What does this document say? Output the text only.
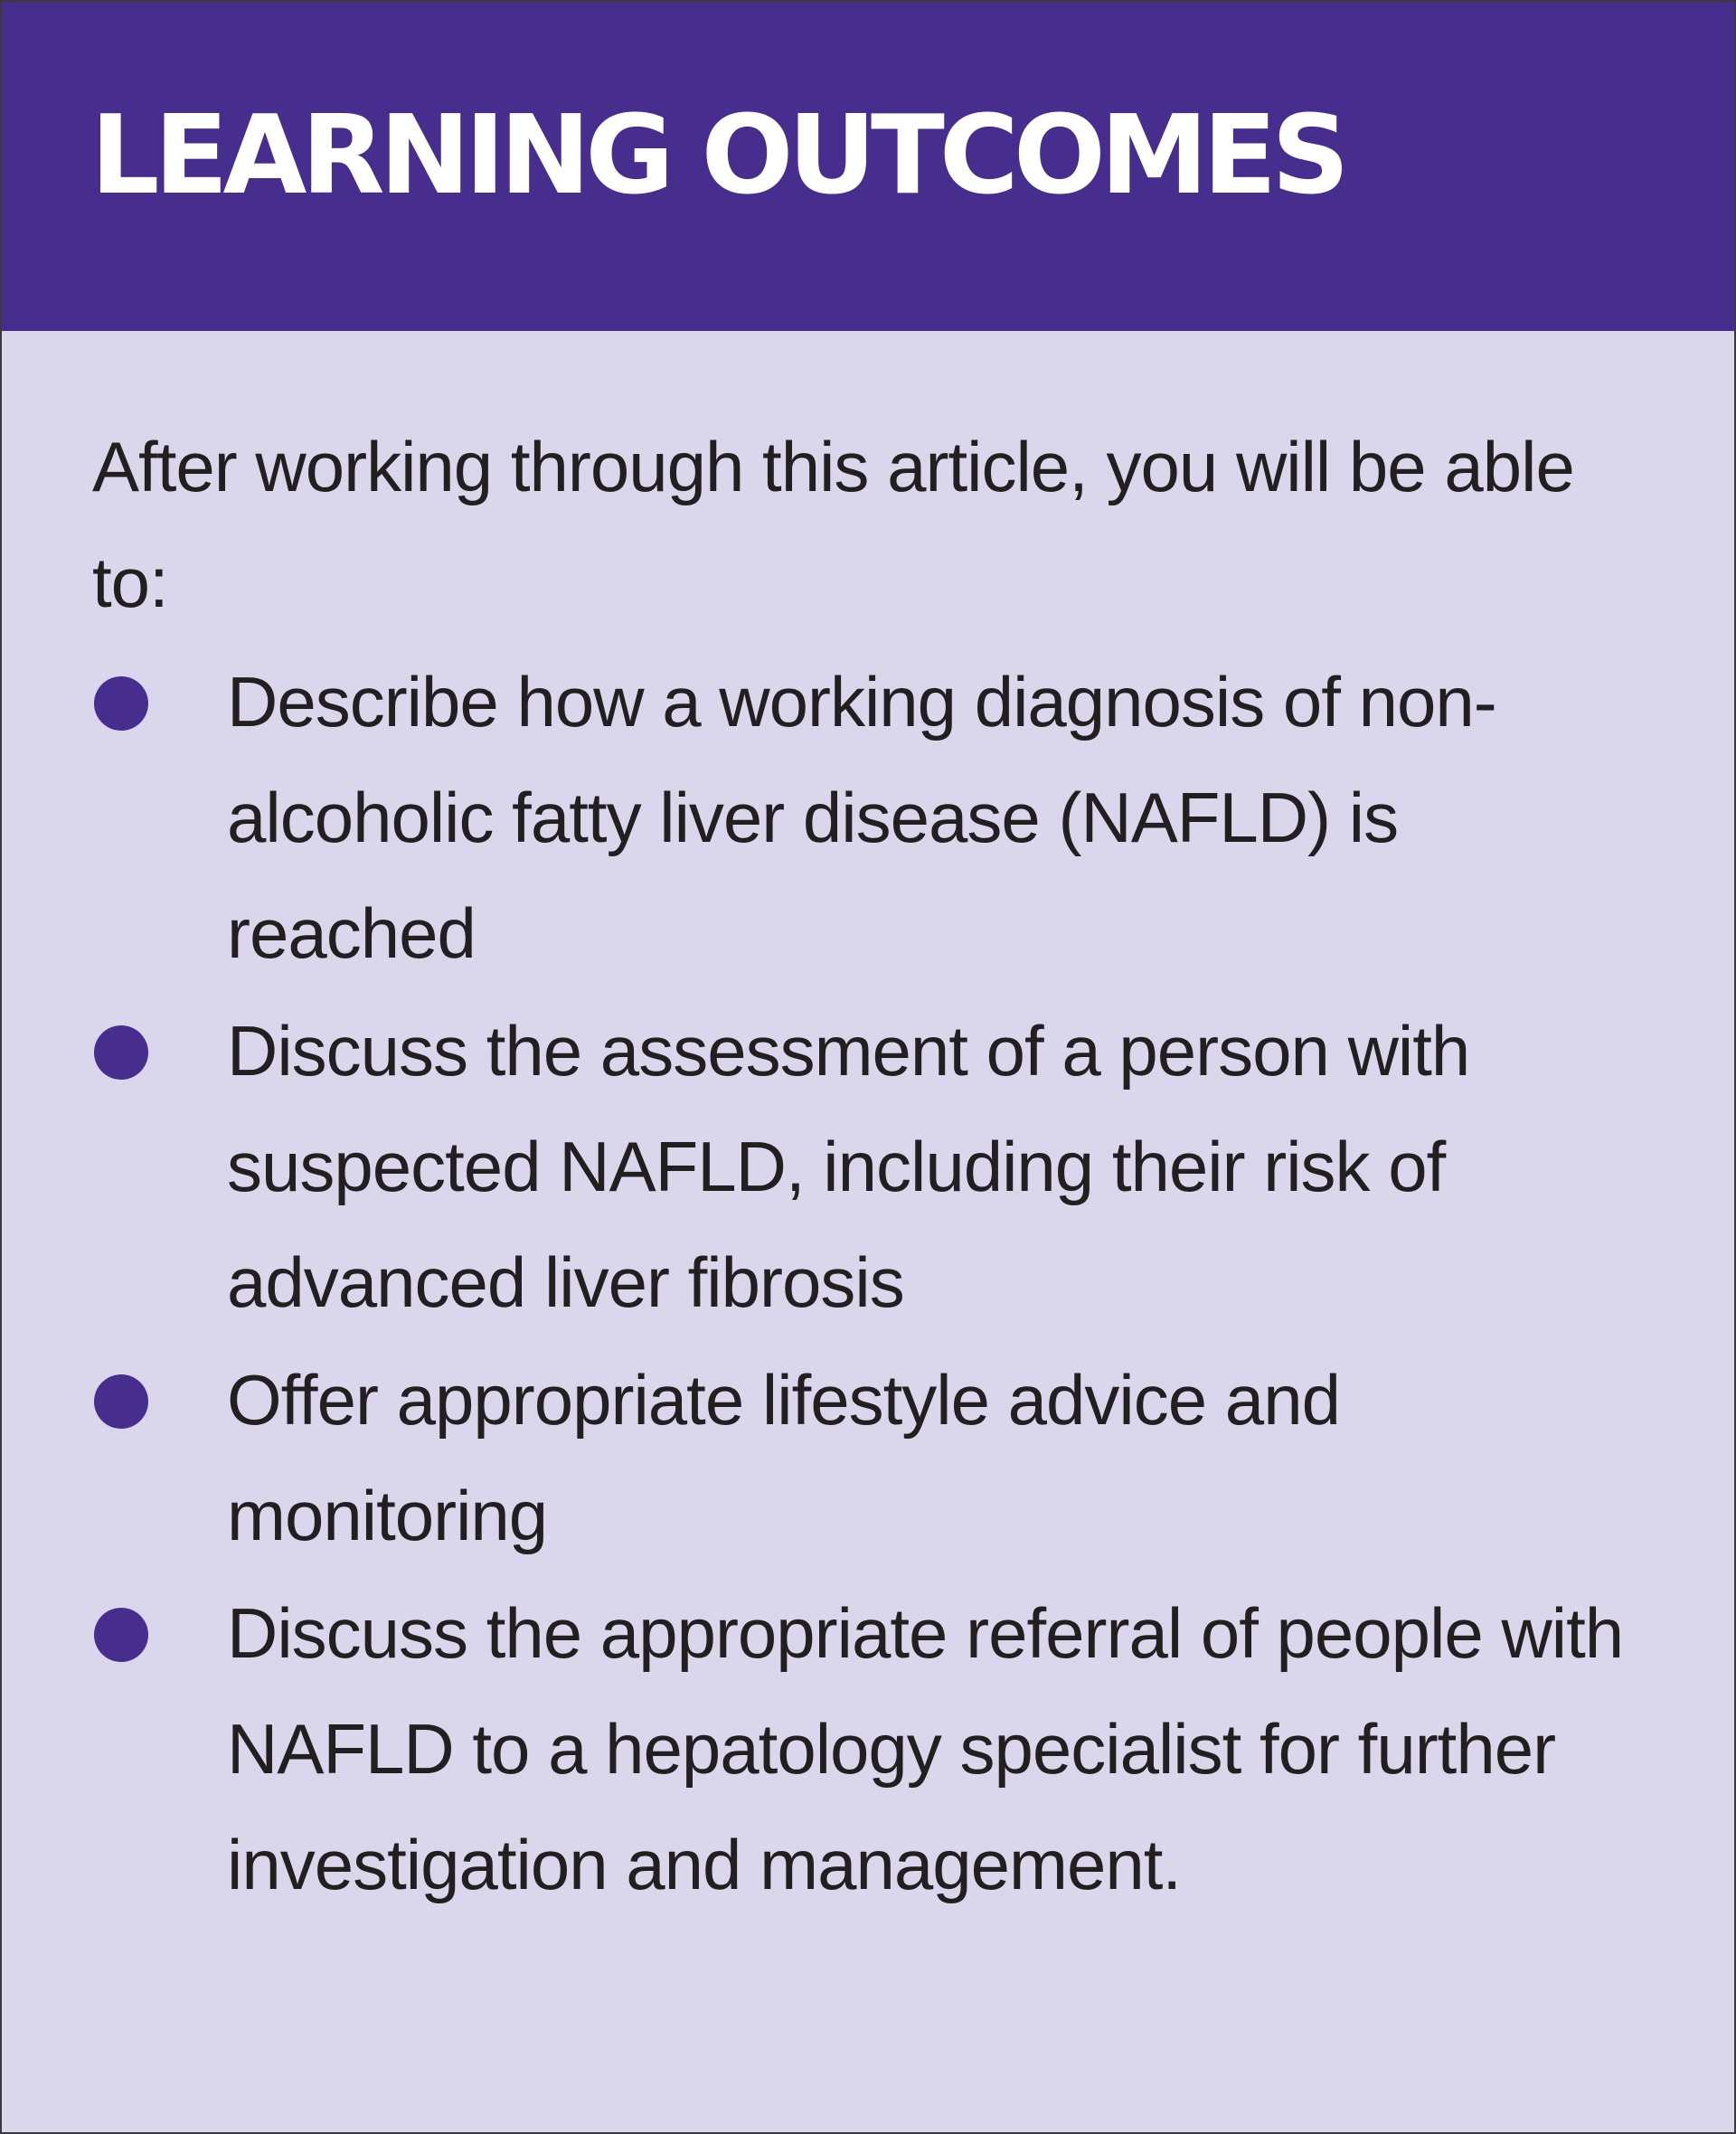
LEARNING OUTCOMES

After working through this article, you will be able to:

Describe how a working diagnosis of non-alcoholic fatty liver disease (NAFLD) is reached
Discuss the assessment of a person with suspected NAFLD, including their risk of advanced liver fibrosis
Offer appropriate lifestyle advice and monitoring
Discuss the appropriate referral of people with NAFLD to a hepatology specialist for further investigation and management.
